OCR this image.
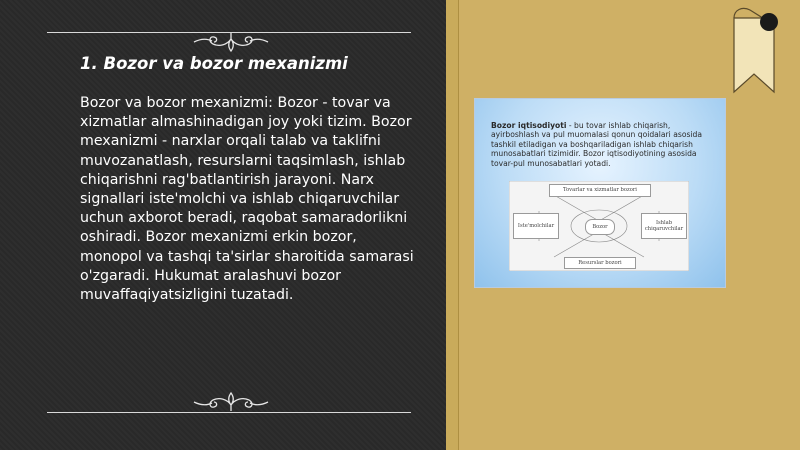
1. Bozor va bozor mexanizmi
Bozor va bozor mexanizmi: Bozor - tovar va xizmatlar almashinadigan joy yoki tizim. Bozor mexanizmi - narxlar orqali talab va taklifni muvozanatlash, resurslarni taqsimlash, ishlab chiqarishni rag'batlantirish jarayoni. Narx signallari iste'molchi va ishlab chiqaruvchilar uchun axborot beradi, raqobat samaradorlikni oshiradi. Bozor mexanizmi erkin bozor, monopol va tashqi ta'sirlar sharoitida samarasi o'zgaradi. Hukumat aralashuvi bozor muvaffaqiyatsizligini tuzatadi.
Bozor iqtisodiyoti - bu tovar ishlab chiqarish, ayirboshlash va pul muomalasi qonun qoidalari asosida tashkil etiladigan va boshqariladigan ishlab chiqarish munosabatlari tizimidir. Bozor iqtisodiyotining asosida tovar-pul munosabatlari yotadi.
Tovarlar va xizmatlar bozori
Iste'molchilar	Bozor
Ishlab chiqaruvchilar
Resurslar bozori
